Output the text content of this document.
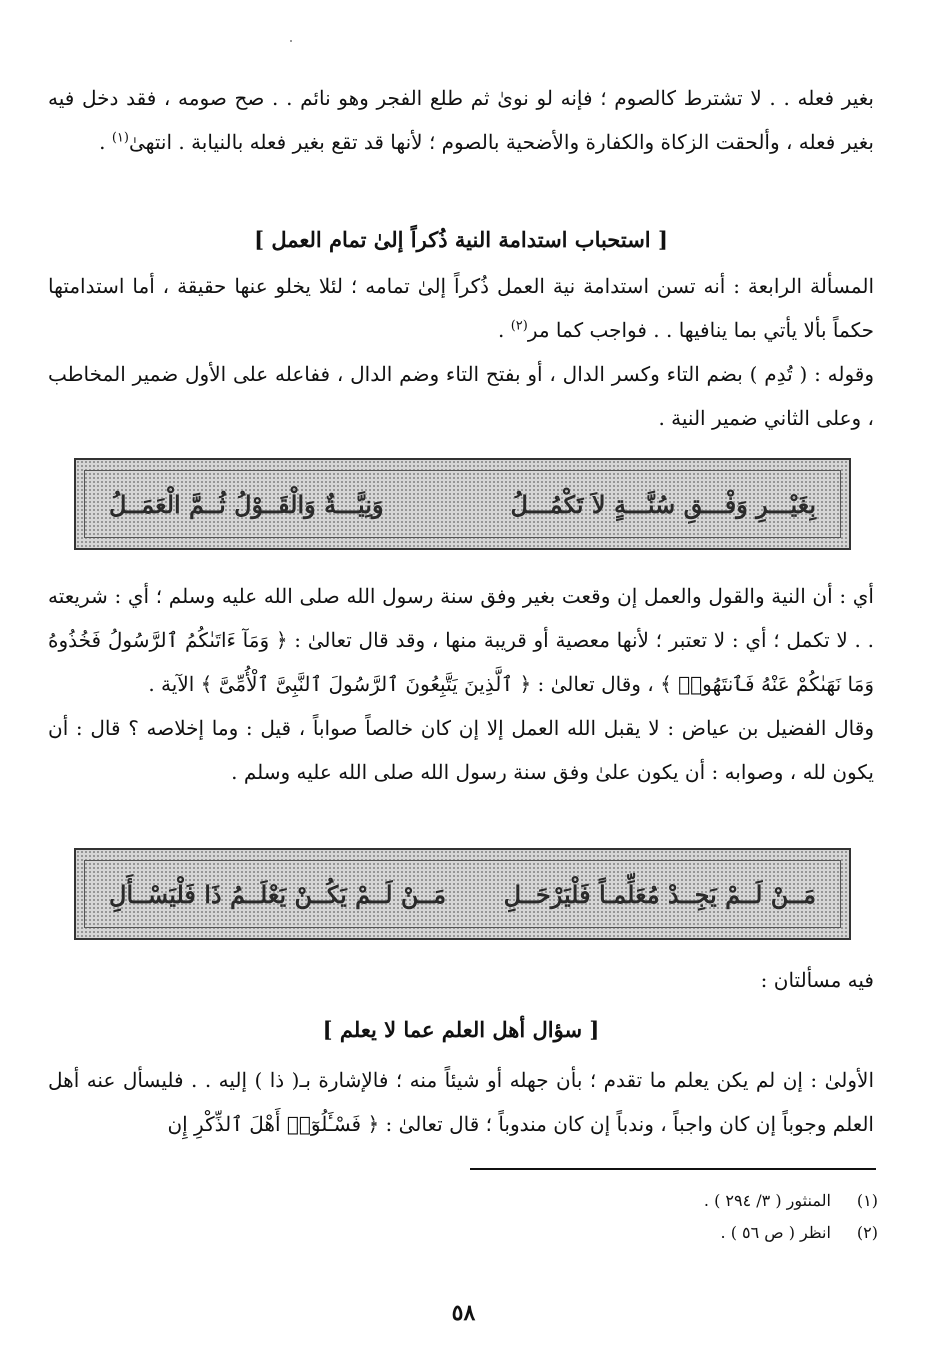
بغير فعله . . لا تشترط كالصوم ؛ فإنه لو نوىٰ ثم طلع الفجر وهو نائم . . صح صومه ، فقد دخل فيه بغير فعله ، وألحقت الزكاة والكفارة والأضحية بالصوم ؛ لأنها قد تقع بغير فعله بالنيابة . انتهىٰ$^{(١)}$ .

[ استحباب استدامة النية ذُكراً إلىٰ تمام العمل ]

المسألة الرابعة : أنه تسن استدامة نية العمل ذُكراً إلىٰ تمامه ؛ لئلا يخلو عنها حقيقة ، أما استدامتها حكماً بألا يأتي بما ينافيها . . فواجب كما مر$^{(٢)}$ .

وقوله : ( تُدِم ) بضم التاء وكسر الدال ، أو بفتح التاء وضم الدال ، ففاعله على الأول ضمير المخاطب ، وعلى الثاني ضمير النية .

وَنِيَّـــةٌ وَالْقَــوْلُ ثُــمَّ الْعَمَــلُ	بِغَيْـــرِ وَفْـــقِ سُنَّـــةٍ لاَ تَكْمُـــلُ

أي : أن النية والقول والعمل إن وقعت بغير وفق سنة رسول الله صلى الله عليه وسلم ؛ أي : شريعته . . لا تكمل ؛ أي : لا تعتبر ؛ لأنها معصية أو قريبة منها ، وقد قال تعالىٰ : ﴿ وَمَآ ءَاتَىٰكُمُ ٱلرَّسُولُ فَخُذُوهُ وَمَا نَهَىٰكُمْ عَنْهُ فَٱنتَهُوا۟ ﴾ ، وقال تعالىٰ : ﴿ ٱلَّذِينَ يَتَّبِعُونَ ٱلرَّسُولَ ٱلنَّبِىَّ ٱلْأُمِّىَّ ﴾ الآية .

وقال الفضيل بن عياض : لا يقبل الله العمل إلا إن كان خالصاً صواباً ، قيل : وما إخلاصه ؟ قال : أن يكون لله ، وصوابه : أن يكون علىٰ وفق سنة رسول الله صلى الله عليه وسلم .

مَــنْ لَــمْ يَكُــنْ يَعْلَــمُ ذَا فَلْيَسْــأَلِ مَــنْ لَــمْ يَجِــدْ مُعَلِّمـاً فَلْيَرْحَــلِ

فيه مسألتان :

[ سؤال أهل العلم عما لا يعلم ]

الأولىٰ : إن لم يكن يعلم ما تقدم ؛ بأن جهله أو شيئاً منه ؛ فالإشارة بـ( ذا ) إليه . . فليسأل عنه أهل العلم وجوباً إن كان واجباً ، وندباً إن كان مندوباً ؛ قال تعالىٰ : ﴿ فَسْـَٔلُوٓا۟ أَهْلَ ٱلذِّكْرِ إِن

(١) المنثور ( ٣/ ٢٩٤ ) .
(٢) انظر ( ص ٥٦ ) .
٥٨
